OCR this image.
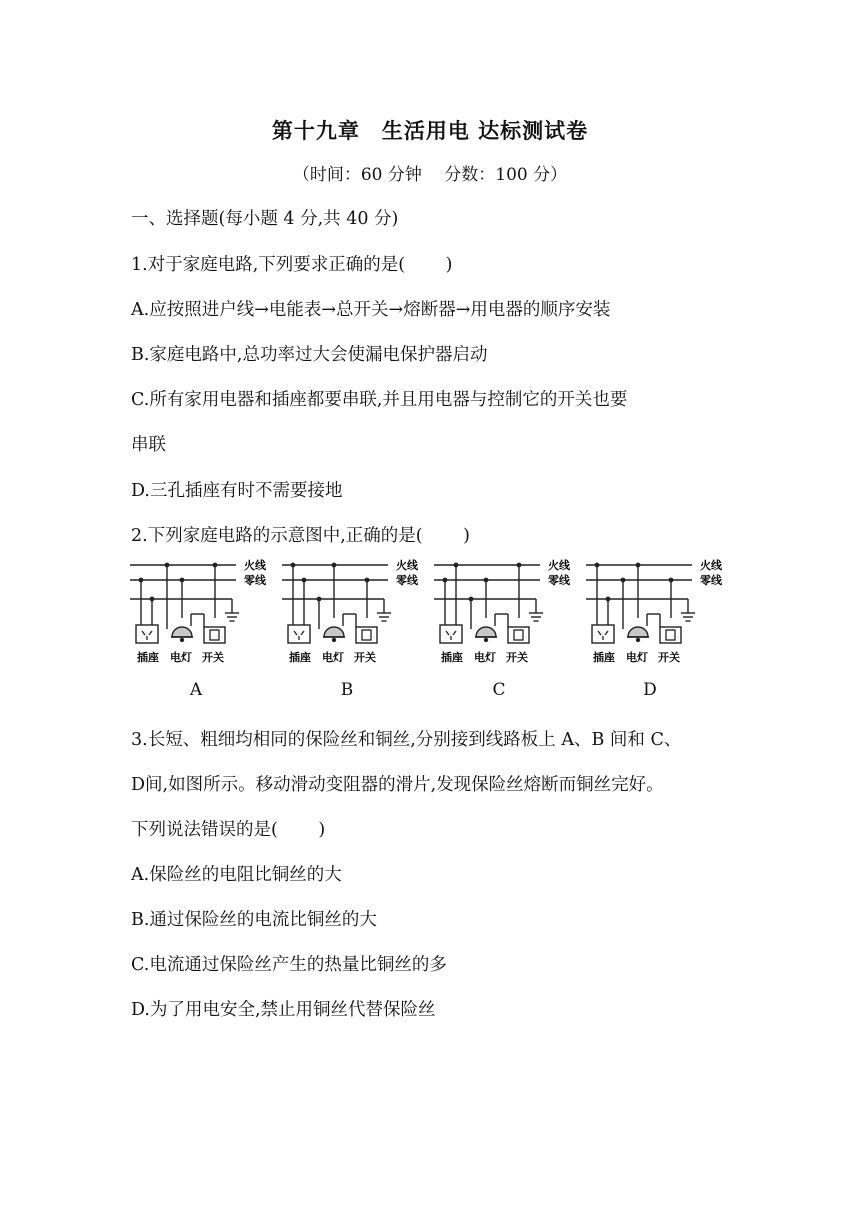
第十九章　生活用电 达标测试卷
（时间：60 分钟　 分数：100 分）
一、选择题(每小题 4 分,共 40 分)
1.对于家庭电路,下列要求正确的是(　　 )
A.应按照进户线→电能表→总开关→熔断器→用电器的顺序安装
B.家庭电路中,总功率过大会使漏电保护器启动
C.所有家用电器和插座都要串联,并且用电器与控制它的开关也要
串联
D.三孔插座有时不需要接地
2.下列家庭电路的示意图中,正确的是(　　 )
火线
零线
插座 电灯 开关
火线
零线
插座 电灯 开关
火线
零线
插座 电灯 开关
火线
零线
插座 电灯 开关
A	B	C	D
3.长短、粗细均相同的保险丝和铜丝,分别接到线路板上 A、B 间和 C、
D间,如图所示。移动滑动变阻器的滑片,发现保险丝熔断而铜丝完好。
下列说法错误的是(　　 )
A.保险丝的电阻比铜丝的大
B.通过保险丝的电流比铜丝的大
C.电流通过保险丝产生的热量比铜丝的多
D.为了用电安全,禁止用铜丝代替保险丝
